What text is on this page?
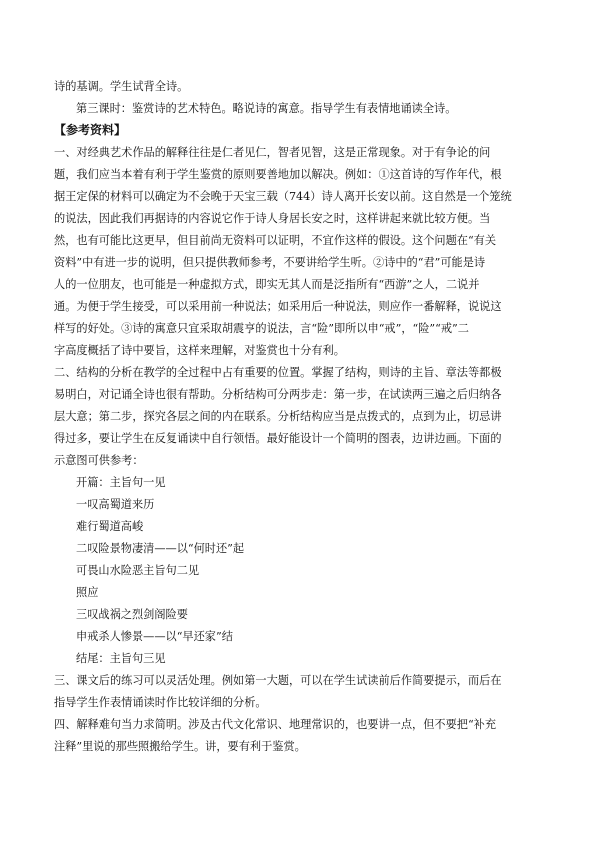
诗的基调。学生试背全诗。
第三课时：鉴赏诗的艺术特色。略说诗的寓意。指导学生有表情地诵读全诗。
【参考资料】
一、对经典艺术作品的解释往往是仁者见仁，智者见智，这是正常现象。对于有争论的问
题，我们应当本着有利于学生鉴赏的原则要善地加以解决。例如：①这首诗的写作年代，根
据王定保的材料可以确定为不会晚于天宝三载（744）诗人离开长安以前。这自然是一个笼统
的说法，因此我们再据诗的内容说它作于诗人身居长安之时，这样讲起来就比较方便。当
然，也有可能比这更早，但目前尚无资料可以证明，不宜作这样的假设。这个问题在“有关
资料”中有进一步的说明，但只提供教师参考，不要讲给学生听。②诗中的“君”可能是诗
人的一位朋友，也可能是一种虚拟方式，即实无其人而是泛指所有“西游”之人，二说并
通。为便于学生接受，可以采用前一种说法；如采用后一种说法，则应作一番解释，说说这
样写的好处。③诗的寓意只宜采取胡震亨的说法，言“险”即所以申“戒”，“险”“戒”二
字高度概括了诗中要旨，这样来理解，对鉴赏也十分有利。
二、结构的分析在教学的全过程中占有重要的位置。掌握了结构，则诗的主旨、章法等都极
易明白，对记诵全诗也很有帮助。分析结构可分两步走：第一步，在试读两三遍之后归纳各
层大意；第二步，探究各层之间的内在联系。分析结构应当是点拨式的，点到为止，切忌讲
得过多，要让学生在反复诵读中自行领悟。最好能设计一个简明的图表，边讲边画。下面的
示意图可供参考：
开篇：主旨句一见
一叹高蜀道来历
难行蜀道高峻
二叹险景物凄清——以“何时还”起
可畏山水险恶主旨句二见
照应
三叹战祸之烈剑阁险要
申戒杀人惨景——以“早还家”结
结尾：主旨句三见
三、课文后的练习可以灵活处理。例如第一大题，可以在学生试读前后作简要提示，而后在
指导学生作表情诵读时作比较详细的分析。
四、解释难句当力求简明。涉及古代文化常识、地理常识的，也要讲一点，但不要把“补充
注释”里说的那些照搬给学生。讲，要有利于鉴赏。
